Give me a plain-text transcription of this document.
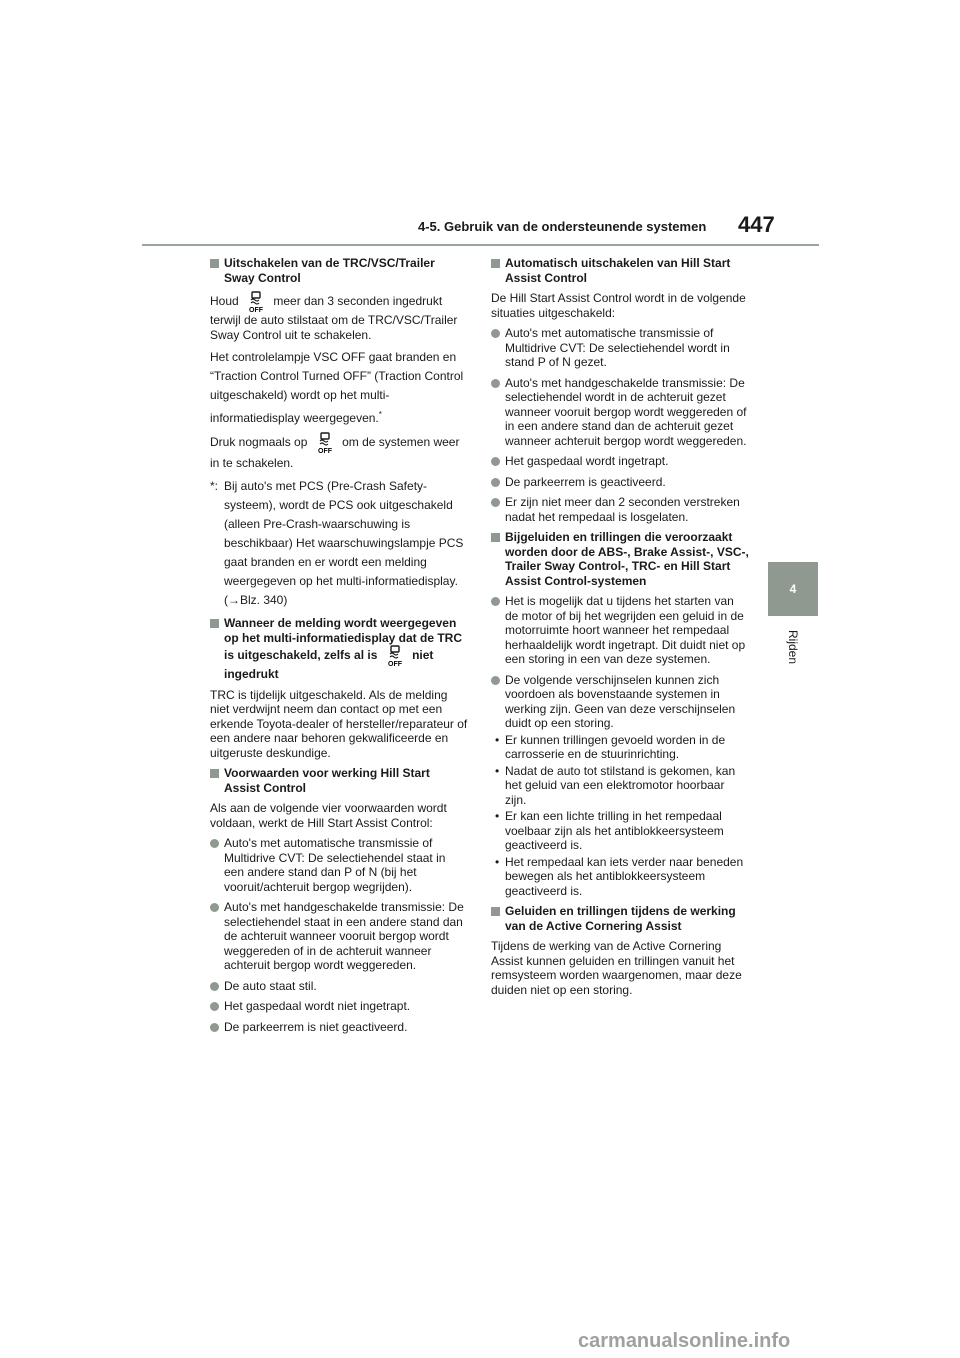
4-5. Gebruik van de ondersteunende systemen 447
4
Rijden
Uitschakelen van de TRC/VSC/Trailer Sway Control
Houd
OFF
meer dan 3 seconden ingedrukt terwijl de auto stilstaat om de TRC/VSC/Trailer Sway Control uit te schakelen.
Het controlelampje VSC OFF gaat branden en “Traction Control Turned OFF” (Traction Control uitgeschakeld) wordt op het multi-informatiedisplay weergegeven.*
Druk nogmaals op
OFF
om de systemen weer in te schakelen.
*: Bij auto's met PCS (Pre-Crash Safety-systeem), wordt de PCS ook uitgeschakeld (alleen Pre-Crash-waarschuwing is beschikbaar) Het waarschuwingslampje PCS gaat branden en er wordt een melding weergegeven op het multi-informatiedisplay. (→Blz. 340)
Wanneer de melding wordt weergegeven op het multi-informatiedisplay dat de TRC is uitgeschakeld, zelfs al is
OFF
niet ingedrukt
TRC is tijdelijk uitgeschakeld. Als de melding niet verdwijnt neem dan contact op met een erkende Toyota-dealer of hersteller/reparateur of een andere naar behoren gekwalificeerde en uitgeruste deskundige.
Voorwaarden voor werking Hill Start Assist Control
Als aan de volgende vier voorwaarden wordt voldaan, werkt de Hill Start Assist Control:
Auto's met automatische transmissie of Multidrive CVT: De selectiehendel staat in een andere stand dan P of N (bij het vooruit/achteruit bergop wegrijden).
Auto's met handgeschakelde transmissie: De selectiehendel staat in een andere stand dan de achteruit wanneer vooruit bergop wordt weggereden of in de achteruit wanneer achteruit bergop wordt weggereden.
De auto staat stil.
Het gaspedaal wordt niet ingetrapt.
De parkeerrem is niet geactiveerd.
Automatisch uitschakelen van Hill Start Assist Control
De Hill Start Assist Control wordt in de volgende situaties uitgeschakeld:
Auto's met automatische transmissie of Multidrive CVT: De selectiehendel wordt in stand P of N gezet.
Auto's met handgeschakelde transmissie: De selectiehendel wordt in de achteruit gezet wanneer vooruit bergop wordt weggereden of in een andere stand dan de achteruit gezet wanneer achteruit bergop wordt weggereden.
Het gaspedaal wordt ingetrapt.
De parkeerrem is geactiveerd.
Er zijn niet meer dan 2 seconden verstreken nadat het rempedaal is losgelaten.
Bijgeluiden en trillingen die veroorzaakt worden door de ABS-, Brake Assist-, VSC-, Trailer Sway Control-, TRC- en Hill Start Assist Control-systemen
Het is mogelijk dat u tijdens het starten van de motor of bij het wegrijden een geluid in de motorruimte hoort wanneer het rempedaal herhaaldelijk wordt ingetrapt. Dit duidt niet op een storing in een van deze systemen.
De volgende verschijnselen kunnen zich voordoen als bovenstaande systemen in werking zijn. Geen van deze verschijnselen duidt op een storing.
• Er kunnen trillingen gevoeld worden in de carrosserie en de stuurinrichting.
• Nadat de auto tot stilstand is gekomen, kan het geluid van een elektromotor hoorbaar zijn.
• Er kan een lichte trilling in het rempedaal voelbaar zijn als het antiblokkeersysteem geactiveerd is.
• Het rempedaal kan iets verder naar beneden bewegen als het antiblokkeersysteem geactiveerd is.
Geluiden en trillingen tijdens de werking van de Active Cornering Assist
Tijdens de werking van de Active Cornering Assist kunnen geluiden en trillingen vanuit het remsysteem worden waargenomen, maar deze duiden niet op een storing.
carmanualsonline.info
